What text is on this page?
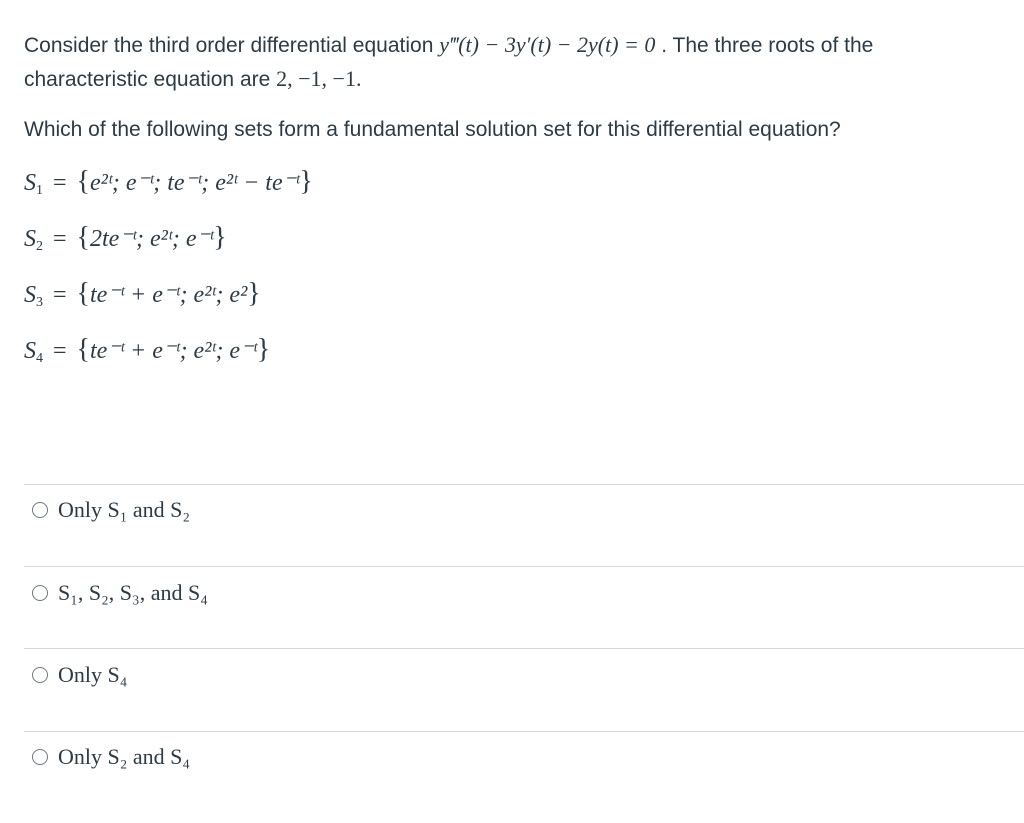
Consider the third order differential equation y‴(t) − 3y′(t) − 2y(t) = 0 . The three roots of the

characteristic equation are 2, −1, −1.

Which of the following sets form a fundamental solution set for this differential equation?

$S_1$ = {e²ᵗ; e⁻ᵗ; te⁻ᵗ; e²ᵗ − te⁻ᵗ}
$S_2$ = {2te⁻ᵗ; e²ᵗ; e⁻ᵗ}
$S_3$ = {te⁻ᵗ + e⁻ᵗ; e²ᵗ; e²}
$S_4$ = {te⁻ᵗ + e⁻ᵗ; e²ᵗ; e⁻ᵗ}
Only S₁ and S₂
S₁, S₂, S₃, and S₄
Only S₄
Only S₂ and S₄
